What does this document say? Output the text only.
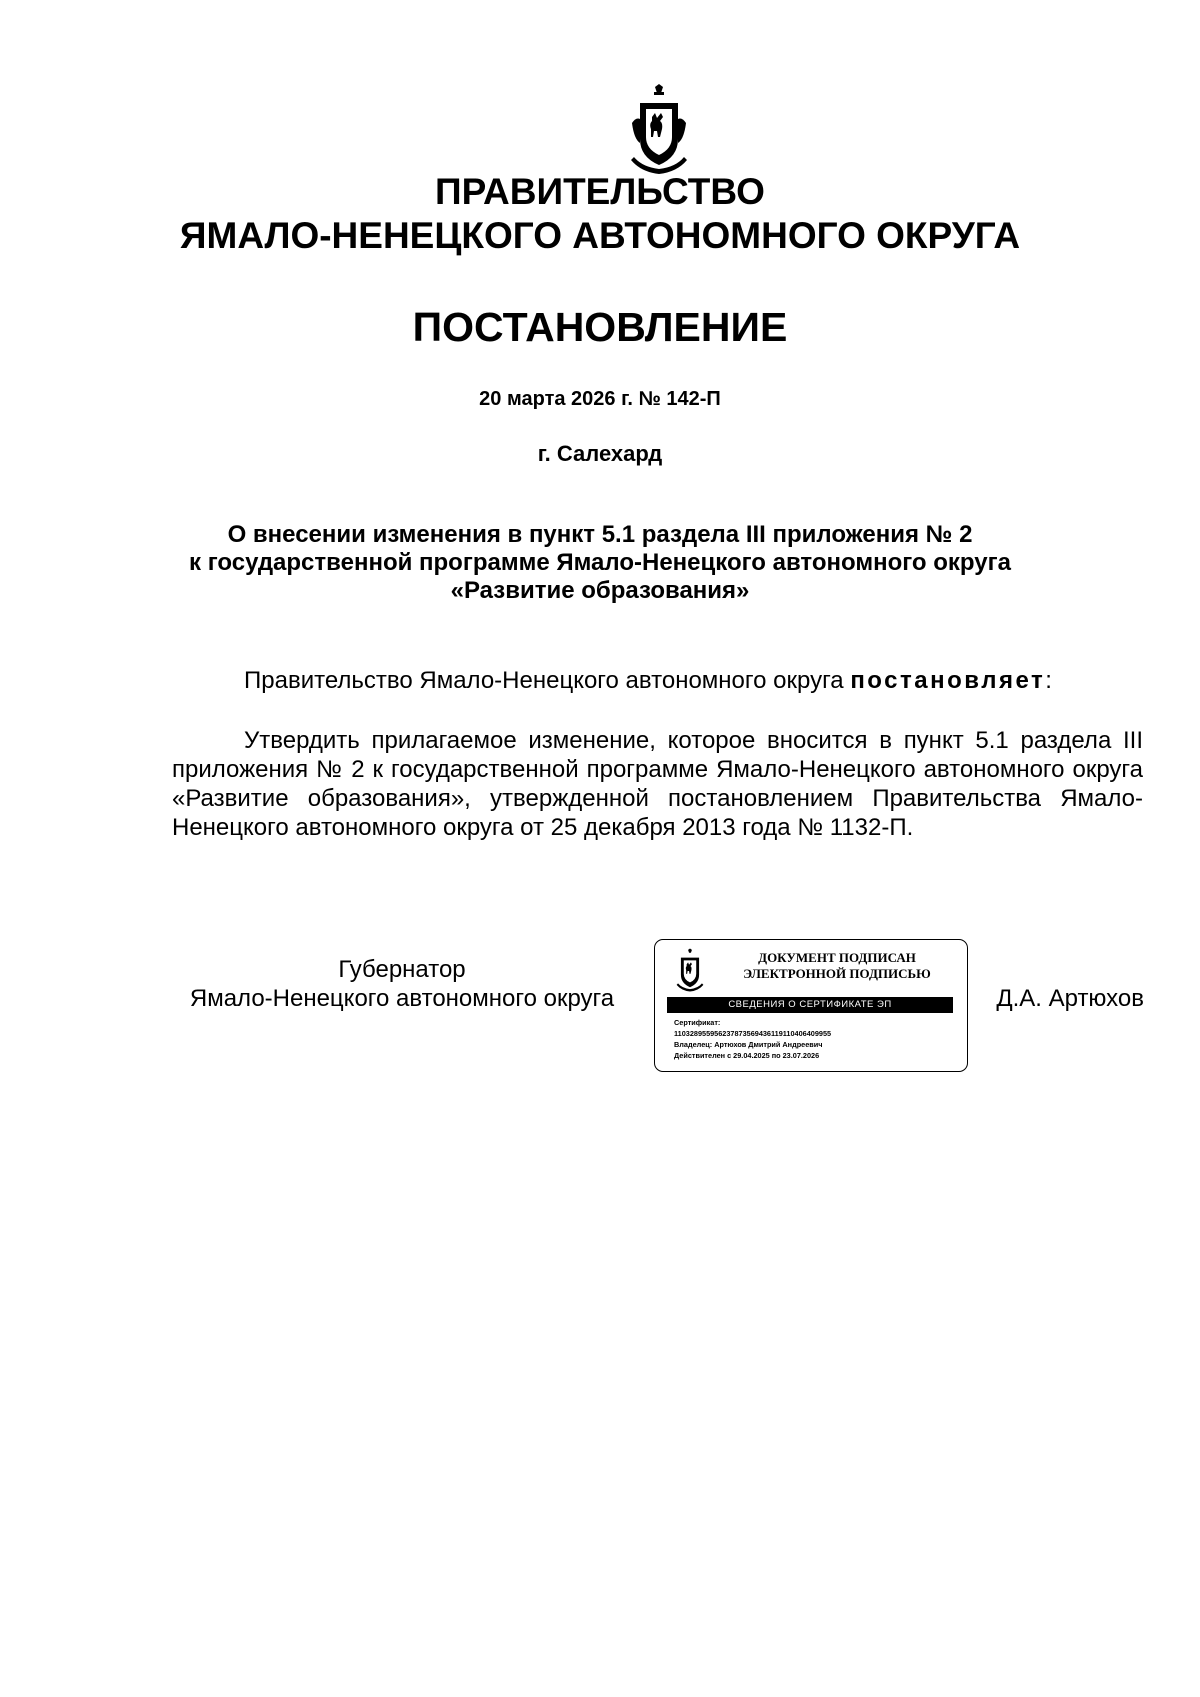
ПРАВИТЕЛЬСТВО
ЯМАЛО-НЕНЕЦКОГО АВТОНОМНОГО ОКРУГА
ПОСТАНОВЛЕНИЕ
20 марта 2026 г. № 142-П
г. Салехард
О внесении изменения в пункт 5.1 раздела III приложения № 2
к государственной программе Ямало-Ненецкого автономного округа
«Развитие образования»
Правительство Ямало-Ненецкого автономного округа постановляет:
Утвердить прилагаемое изменение, которое вносится в пункт 5.1 раздела III приложения № 2 к государственной программе Ямало-Ненецкого автономного округа «Развитие образования», утвержденной постановлением Правительства Ямало-Ненецкого автономного округа от 25 декабря 2013 года № 1132-П.
Губернатор
Ямало-Ненецкого автономного округа
ДОКУМЕНТ ПОДПИСАН
ЭЛЕКТРОННОЙ ПОДПИСЬЮ
СВЕДЕНИЯ О СЕРТИФИКАТЕ ЭП
Сертификат:
110328955956237873569436119110406409955
Владелец: Артюхов Дмитрий Андреевич
Действителен с 29.04.2025 по 23.07.2026
Д.А. Артюхов
